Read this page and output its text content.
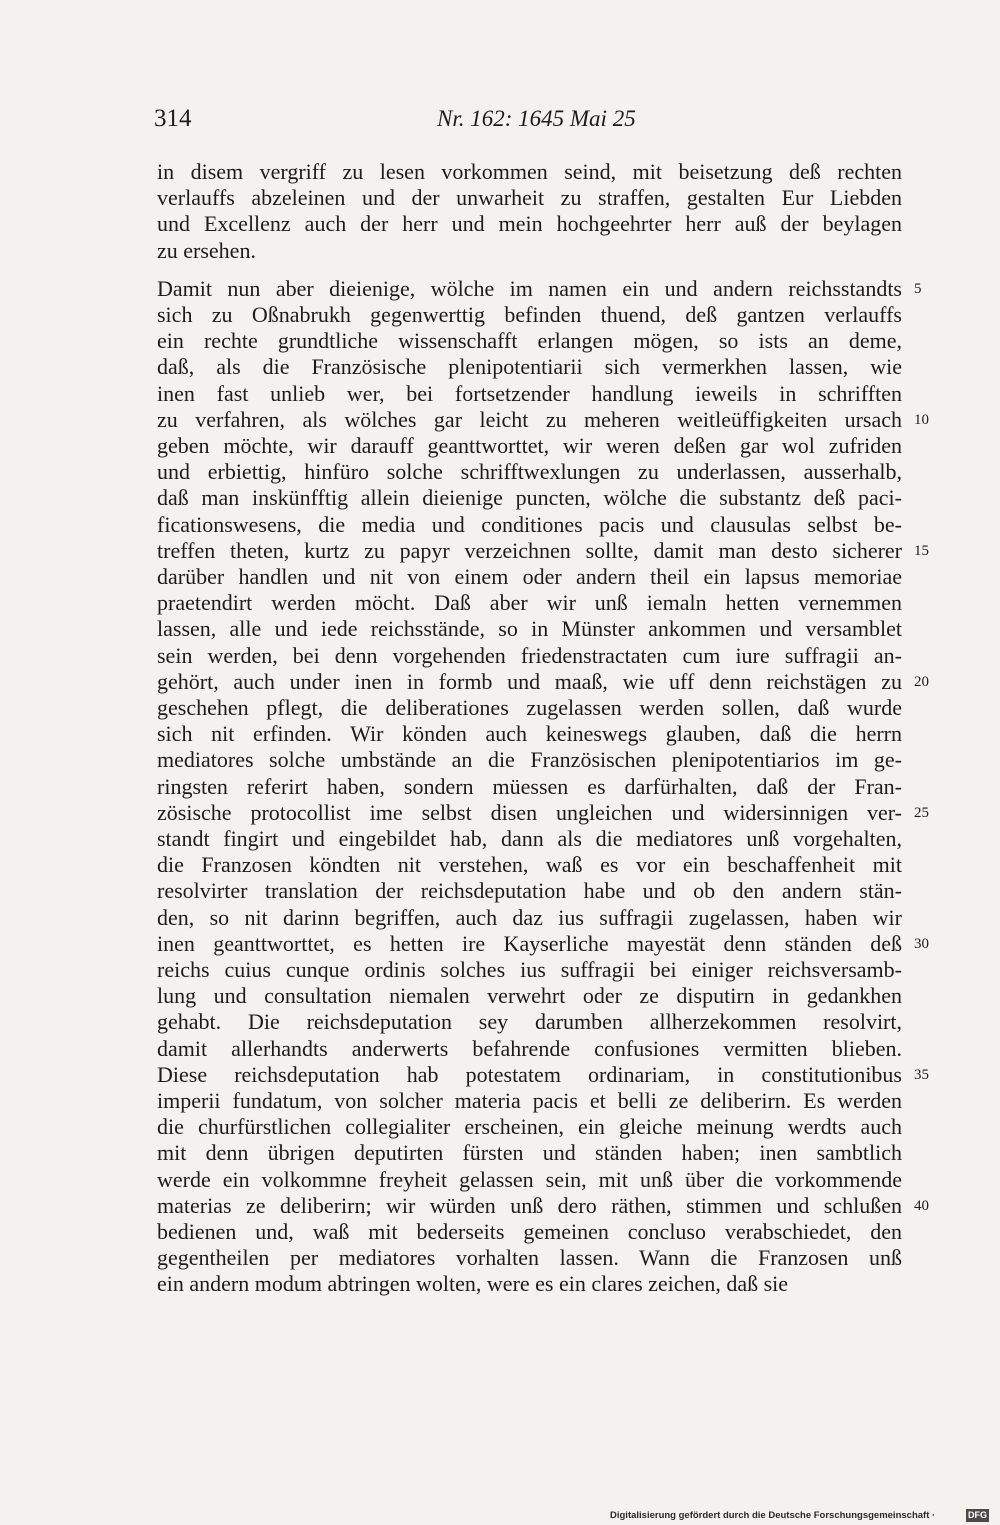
314	Nr. 162: 1645 Mai 25
in disem vergriff zu lesen vorkommen seind, mit beisetzung deß rechten
verlauffs abzeleinen und der unwarheit zu straffen, gestalten Eur Liebden
und Excellenz auch der herr und mein hochgeehrter herr auß der beylagen
zu ersehen.
Damit nun aber dieienige, wölche im namen ein und andern reichsstandts
sich zu Oßnabrukh gegenwerttig befinden thuend, deß gantzen verlauffs
ein rechte grundtliche wissenschafft erlangen mögen, so ists an deme,
daß, als die Französische plenipotentiarii sich vermerkhen lassen, wie
inen fast unlieb wer, bei fortsetzender handlung ieweils in schrifften
zu verfahren, als wölches gar leicht zu meheren weitleüffigkeiten ursach
geben möchte, wir darauff geanttworttet, wir weren deßen gar wol zufriden
und erbiettig, hinfüro solche schrifftwexlungen zu underlassen, ausserhalb,
daß man inskünfftig allein dieienige puncten, wölche die substantz deß paci-
ficationswesens, die media und conditiones pacis und clausulas selbst be-
treffen theten, kurtz zu papyr verzeichnen sollte, damit man desto sicherer
darüber handlen und nit von einem oder andern theil ein lapsus memoriae
praetendirt werden möcht. Daß aber wir unß iemaln hetten vernemmen
lassen, alle und iede reichsstände, so in Münster ankommen und versamblet
sein werden, bei denn vorgehenden friedenstractaten cum iure suffragii an-
gehört, auch under inen in formb und maaß, wie uff denn reichstägen zu
geschehen pflegt, die deliberationes zugelassen werden sollen, daß wurde
sich nit erfinden. Wir könden auch keineswegs glauben, daß die herrn
mediatores solche umbstände an die Französischen plenipotentiarios im ge-
ringsten referirt haben, sondern müessen es darfürhalten, daß der Fran-
zösische protocollist ime selbst disen ungleichen und widersinnigen ver-
standt fingirt und eingebildet hab, dann als die mediatores unß vorgehalten,
die Franzosen köndten nit verstehen, waß es vor ein beschaffenheit mit
resolvirter translation der reichsdeputation habe und ob den andern stän-
den, so nit darinn begriffen, auch daz ius suffragii zugelassen, haben wir
inen geanttworttet, es hetten ire Kayserliche mayestät denn ständen deß
reichs cuius cunque ordinis solches ius suffragii bei einiger reichsversamb-
lung und consultation niemalen verwehrt oder ze disputirn in gedankhen
gehabt. Die reichsdeputation sey darumben allherzekommen resolvirt,
damit allerhandts anderwerts befahrende confusiones vermitten blieben.
Diese reichsdeputation hab potestatem ordinariam, in constitutionibus
imperii fundatum, von solcher materia pacis et belli ze deliberirn. Es werden
die churfürstlichen collegialiter erscheinen, ein gleiche meinung werdts auch
mit denn übrigen deputirten fürsten und ständen haben; inen sambtlich
werde ein volkommne freyheit gelassen sein, mit unß über die vorkommende
materias ze deliberirn; wir würden unß dero räthen, stimmen und schlußen
bedienen und, waß mit bederseits gemeinen concluso verabschiedet, den
gegentheilen per mediatores vorhalten lassen. Wann die Franzosen unß
ein andern modum abtringen wolten, were es ein clares zeichen, daß sie
5
10
15
20
25
30
35
40
Digitalisierung gefördert durch die Deutsche Forschungsgemeinschaft ·	DFG
